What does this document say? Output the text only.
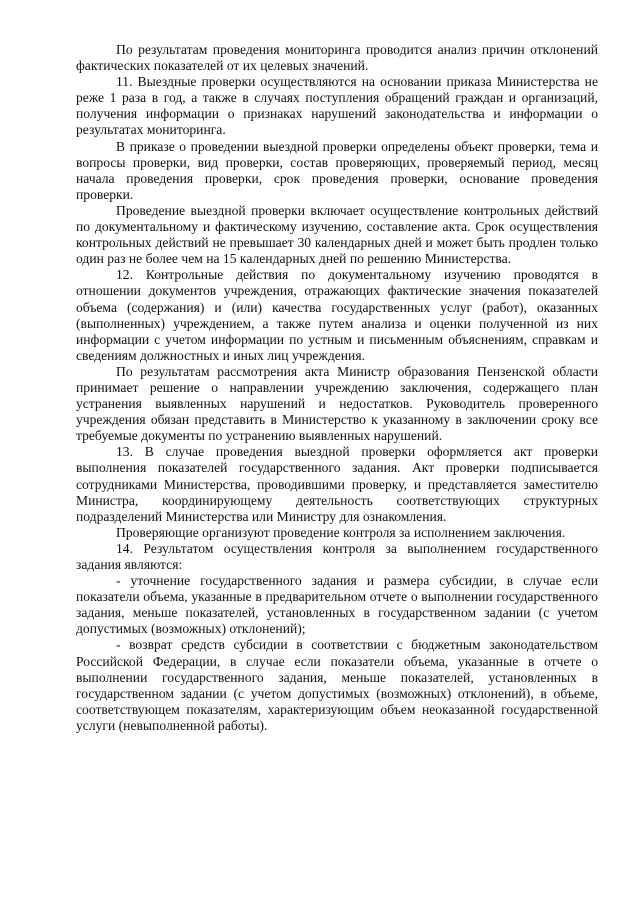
По результатам проведения мониторинга проводится анализ причин отклонений фактических показателей от их целевых значений.

11. Выездные проверки осуществляются на основании приказа Министерства не реже 1 раза в год, а также в случаях поступления обращений граждан и организаций, получения информации о признаках нарушений законодательства и информации о результатах мониторинга.

В приказе о проведении выездной проверки определены объект проверки, тема и вопросы проверки, вид проверки, состав проверяющих, проверяемый период, месяц начала проведения проверки, срок проведения проверки, основание проведения проверки.

Проведение выездной проверки включает осуществление контрольных действий по документальному и фактическому изучению, составление акта. Срок осуществления контрольных действий не превышает 30 календарных дней и может быть продлен только один раз не более чем на 15 календарных дней по решению Министерства.

12. Контрольные действия по документальному изучению проводятся в отношении документов учреждения, отражающих фактические значения показателей объема (содержания) и (или) качества государственных услуг (работ), оказанных (выполненных) учреждением, а также путем анализа и оценки полученной из них информации с учетом информации по устным и письменным объяснениям, справкам и сведениям должностных и иных лиц учреждения.

По результатам рассмотрения акта Министр образования Пензенской области принимает решение о направлении учреждению заключения, содержащего план устранения выявленных нарушений и недостатков. Руководитель проверенного учреждения обязан представить в Министерство к указанному в заключении сроку все требуемые документы по устранению выявленных нарушений.

13. В случае проведения выездной проверки оформляется акт проверки выполнения показателей государственного задания. Акт проверки подписывается сотрудниками Министерства, проводившими проверку, и представляется заместителю Министра, координирующему деятельность соответствующих структурных подразделений Министерства или Министру для ознакомления.

Проверяющие организуют проведение контроля за исполнением заключения.

14. Результатом осуществления контроля за выполнением государственного задания являются:

- уточнение государственного задания и размера субсидии, в случае если показатели объема, указанные в предварительном отчете о выполнении государственного задания, меньше показателей, установленных в государственном задании (с учетом допустимых (возможных) отклонений);

- возврат средств субсидии в соответствии с бюджетным законодательством Российской Федерации, в случае если показатели объема, указанные в отчете о выполнении государственного задания, меньше показателей, установленных в государственном задании (с учетом допустимых (возможных) отклонений), в объеме, соответствующем показателям, характеризующим объем неоказанной государственной услуги (невыполненной работы).
